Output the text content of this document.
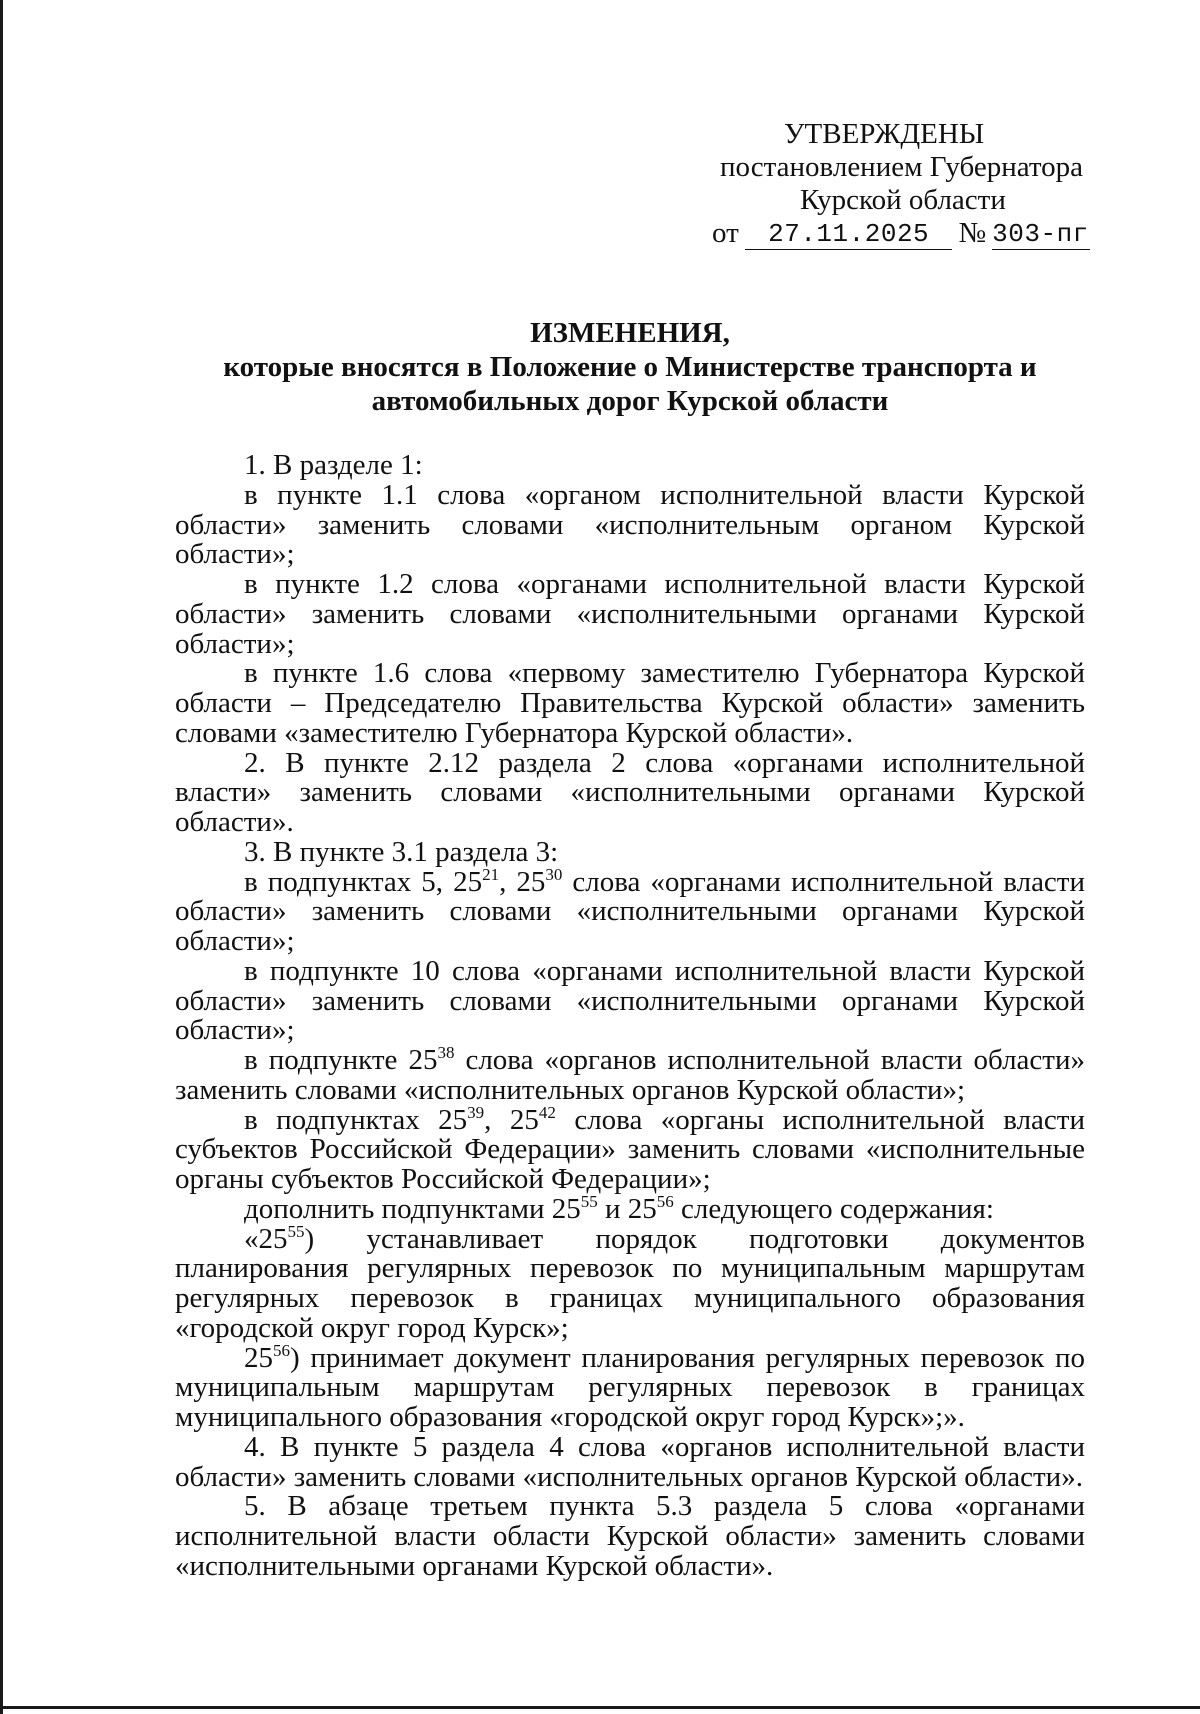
УТВЕРЖДЕНЫ
постановлением Губернатора
Курской области
от	27.11.2025	№ 303-пг
ИЗМЕНЕНИЯ,
которые вносятся в Положение о Министерстве транспорта и
автомобильных дорог Курской области

1. В разделе 1:

в пункте 1.1 слова «органом исполнительной власти Курской области» заменить словами «исполнительным органом Курской области»;

в пункте 1.2 слова «органами исполнительной власти Курской области» заменить словами «исполнительными органами Курской области»;

в пункте 1.6 слова «первому заместителю Губернатора Курской области – Председателю Правительства Курской области» заменить словами «заместителю Губернатора Курской области».

2. В пункте 2.12 раздела 2 слова «органами исполнительной власти» заменить словами «исполнительными органами Курской области».

3. В пункте 3.1 раздела 3:

в подпунктах 5, $25^{21}$, $25^{30}$ слова «органами исполнительной власти области» заменить словами «исполнительными органами Курской области»;

в подпункте 10 слова «органами исполнительной власти Курской области» заменить словами «исполнительными органами Курской области»;

в подпункте $25^{38}$ слова «органов исполнительной власти области» заменить словами «исполнительных органов Курской области»;

в подпунктах $25^{39}$, $25^{42}$ слова «органы исполнительной власти субъектов Российской Федерации» заменить словами «исполнительные органы субъектов Российской Федерации»;

дополнить подпунктами $25^{55}$ и $25^{56}$ следующего содержания:

«$25^{55}$) устанавливает порядок подготовки документов планирования регулярных перевозок по муниципальным маршрутам регулярных перевозок в границах муниципального образования «городской округ город Курск»;

$25^{56}$) принимает документ планирования регулярных перевозок по муниципальным маршрутам регулярных перевозок в границах муниципального образования «городской округ город Курск»;».

4. В пункте 5 раздела 4 слова «органов исполнительной власти области» заменить словами «исполнительных органов Курской области».

5. В абзаце третьем пункта 5.3 раздела 5 слова «органами исполнительной власти области Курской области» заменить словами «исполнительными органами Курской области».
